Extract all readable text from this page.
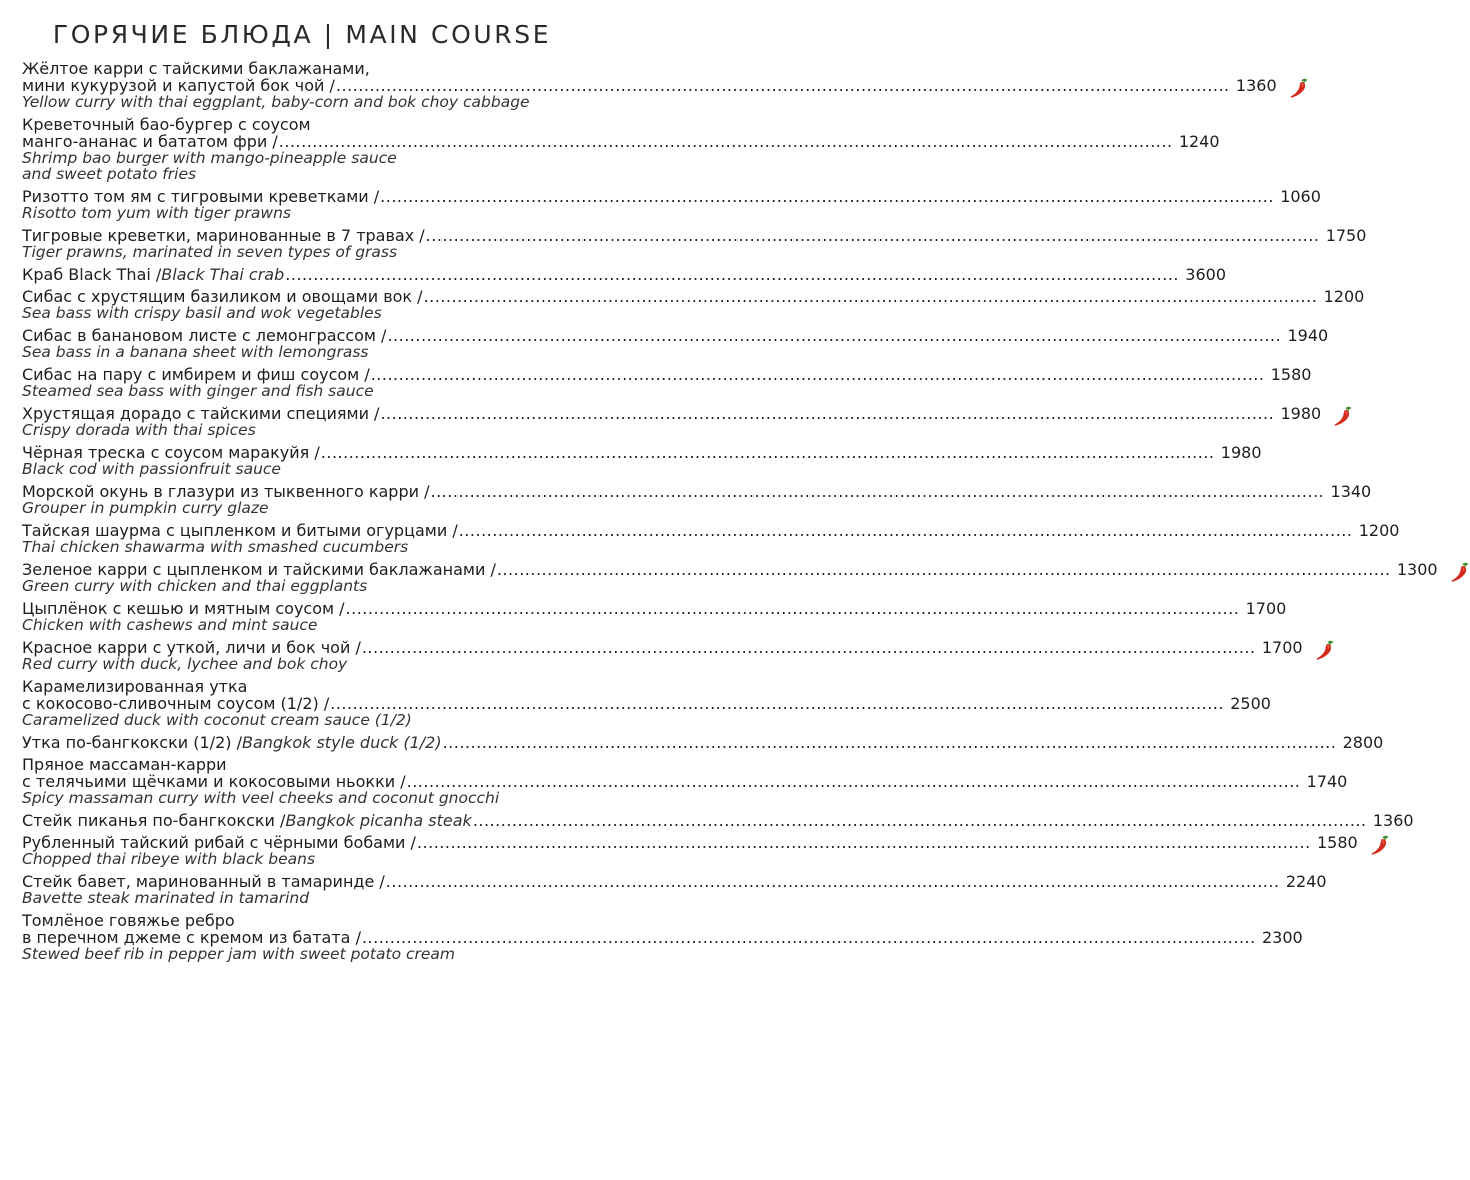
ГОРЯЧИЕ БЛЮДА | MAIN COURSE
Жёлтое карри с тайскими баклажанами,
мини кукурузой и капустой бок чой / ................................................................................................................................................................ 1360
Yellow curry with thai eggplant, baby-corn and bok choy cabbage
Креветочный бао-бургер с соусом
манго-ананас и бататом фри / ................................................................................................................................................................ 1240
Shrimp bao burger with mango-pineapple sauce
and sweet potato fries
Ризотто том ям с тигровыми креветками / ................................................................................................................................................................ 1060
Risotto tom yum with tiger prawns
Тигровые креветки, маринованные в 7 травах / ................................................................................................................................................................ 1750
Tiger prawns, marinated in seven types of grass
Краб Black Thai / Black Thai crab ................................................................................................................................................................ 3600
Сибас с хрустящим базиликом и овощами вок / ................................................................................................................................................................ 1200
Sea bass with crispy basil and wok vegetables
Сибас в банановом листе с лемонграссом / ................................................................................................................................................................ 1940
Sea bass in a banana sheet with lemongrass
Сибас на пару с имбирем и фиш соусом / ................................................................................................................................................................ 1580
Steamed sea bass with ginger and fish sauce
Хрустящая дорадо с тайскими специями / ................................................................................................................................................................ 1980
Crispy dorada with thai spices
Чёрная треска с соусом маракуйя / ................................................................................................................................................................ 1980
Black cod with passionfruit sauce
Морской окунь в глазури из тыквенного карри / ................................................................................................................................................................ 1340
Grouper in pumpkin curry glaze
Тайская шаурма с цыпленком и битыми огурцами / ................................................................................................................................................................ 1200
Thai chicken shawarma with smashed cucumbers
Зеленое карри с цыпленком и тайскими баклажанами / ................................................................................................................................................................ 1300
Green curry with chicken and thai eggplants
Цыплёнок с кешью и мятным соусом / ................................................................................................................................................................ 1700
Chicken with cashews and mint sauce
Красное карри с уткой, личи и бок чой / ................................................................................................................................................................ 1700
Red curry with duck, lychee and bok choy
Карамелизированная утка
с кокосово-сливочным соусом (1/2) / ................................................................................................................................................................ 2500
Caramelized duck with coconut cream sauce (1/2)
Утка по-бангкокски (1/2) / Bangkok style duck (1/2) ................................................................................................................................................................ 2800
Пряное массаман-карри
с телячьими щёчками и кокосовыми ньокки / ................................................................................................................................................................ 1740
Spicy massaman curry with veel cheeks and coconut gnocchi
Стейк пиканья по-бангкокски / Bangkok picanha steak ................................................................................................................................................................ 1360
Рубленный тайский рибай с чёрными бобами / ................................................................................................................................................................ 1580
Chopped thai ribeye with black beans
Стейк бавет, маринованный в тамаринде / ................................................................................................................................................................ 2240
Bavette steak marinated in tamarind
Томлёное говяжье ребро
в перечном джеме с кремом из батата / ................................................................................................................................................................ 2300
Stewed beef rib in pepper jam with sweet potato cream
